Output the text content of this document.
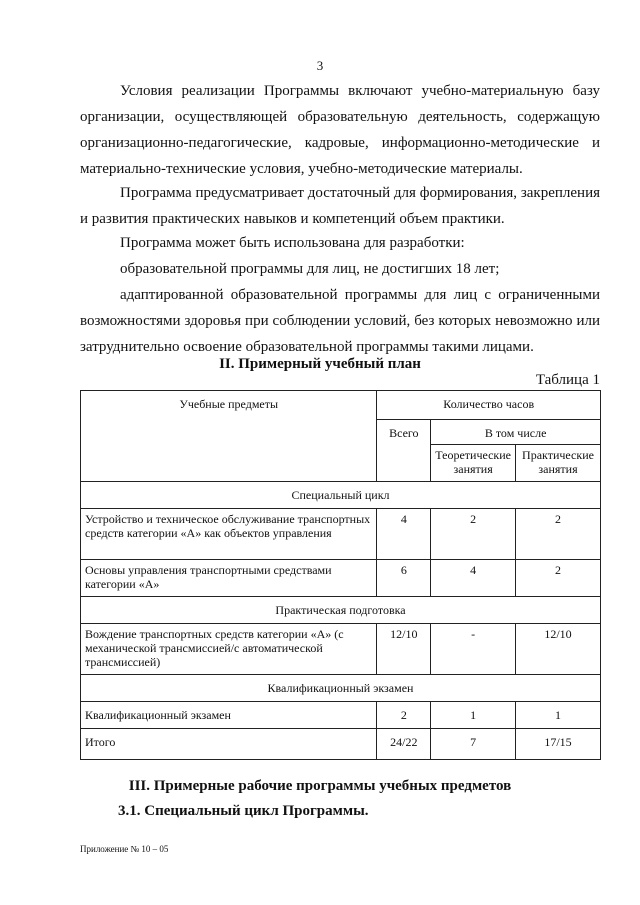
3
Условия реализации Программы включают учебно-материальную базу организации, осуществляющей образовательную деятельность, содержащую организационно-педагогические, кадровые, информационно-методические и материально-технические условия, учебно-методические материалы.
Программа предусматривает достаточный для формирования, закрепления и развития практических навыков и компетенций объем практики.
Программа может быть использована для разработки:
образовательной программы для лиц, не достигших 18 лет;
адаптированной образовательной программы для лиц с ограниченными возможностями здоровья при соблюдении условий, без которых невозможно или затруднительно освоение образовательной программы такими лицами.
II. Примерный учебный план
Таблица 1
Учебные предметы	Количество часов		
	Всего	В том числе	
		Теоретические занятия	Практические занятия
Специальный цикл			
Устройство и техническое обслуживание транспортных средств категории «А» как объектов управления	4	2	2
Основы управления транспортными средствами категории «А»	6	4	2
Практическая подготовка			
Вождение транспортных средств категории «А» (с механической трансмиссией/с автоматической трансмиссией)	12/10	-	12/10
Квалификационный экзамен			
Квалификационный экзамен	2	1	1
Итого	24/22	7	17/15
III. Примерные рабочие программы учебных предметов
3.1. Специальный цикл Программы.
Приложение № 10 – 05
